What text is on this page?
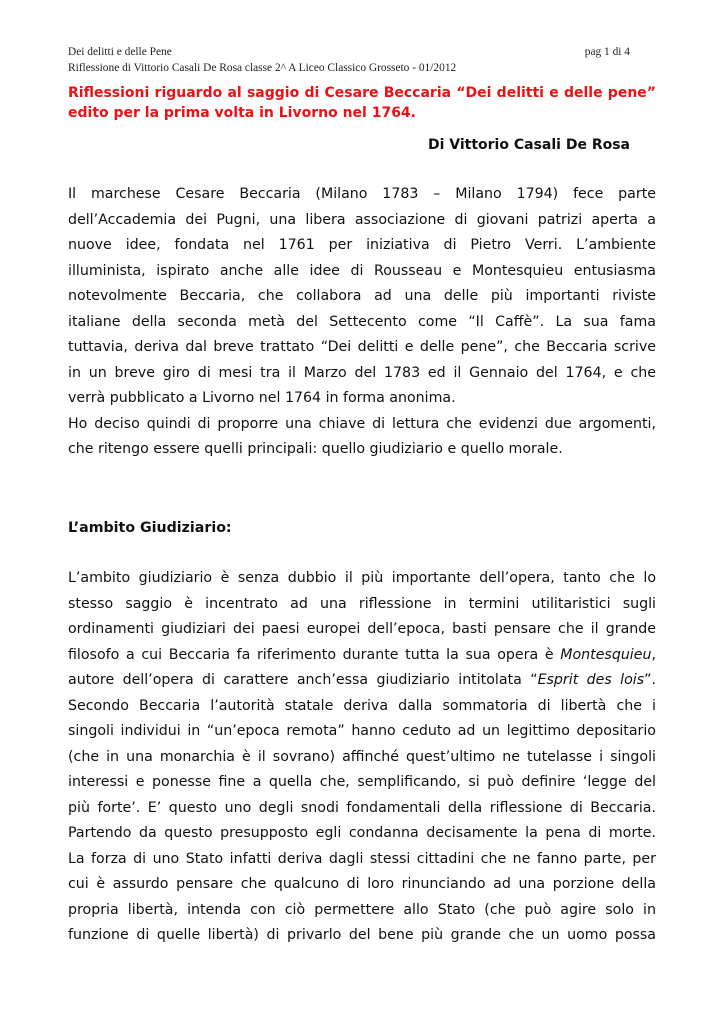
Dei delitti e delle Pene	pag 1 di 4
Riflessione di Vittorio Casali De Rosa classe 2^ A Liceo Classico Grosseto - 01/2012
Riflessioni riguardo al saggio di Cesare Beccaria “Dei delitti e delle pene” edito per la prima volta in Livorno nel 1764.
Di Vittorio Casali De Rosa
Il marchese Cesare Beccaria (Milano 1783 – Milano 1794) fece parte
dell’Accademia dei Pugni, una libera associazione di giovani patrizi aperta a
nuove idee, fondata nel 1761 per iniziativa di Pietro Verri. L’ambiente
illuminista, ispirato anche alle idee di Rousseau e Montesquieu entusiasma
notevolmente Beccaria, che collabora ad una delle più importanti riviste
italiane della seconda metà del Settecento come “Il Caffè”. La sua fama
tuttavia, deriva dal breve trattato “Dei delitti e delle pene”, che Beccaria scrive
in un breve giro di mesi tra il Marzo del 1783 ed il Gennaio del 1764, e che
verrà pubblicato a Livorno nel 1764 in forma anonima.
Ho deciso quindi di proporre una chiave di lettura che evidenzi due argomenti,
che ritengo essere quelli principali: quello giudiziario e quello morale.
L’ambito Giudiziario:
L’ambito giudiziario è senza dubbio il più importante dell’opera, tanto che lo
stesso saggio è incentrato ad una riflessione in termini utilitaristici sugli
ordinamenti giudiziari dei paesi europei dell’epoca, basti pensare che il grande
filosofo a cui Beccaria fa riferimento durante tutta la sua opera è Montesquieu,
autore dell’opera di carattere anch’essa giudiziario intitolata “Esprit des lois”.
Secondo Beccaria l’autorità statale deriva dalla sommatoria di libertà che i
singoli individui in “un’epoca remota” hanno ceduto ad un legittimo depositario
(che in una monarchia è il sovrano) affinché quest’ultimo ne tutelasse i singoli
interessi e ponesse fine a quella che, semplificando, si può definire ‘legge del
più forte’. E’ questo uno degli snodi fondamentali della riflessione di Beccaria.
Partendo da questo presupposto egli condanna decisamente la pena di morte.
La forza di uno Stato infatti deriva dagli stessi cittadini che ne fanno parte, per
cui è assurdo pensare che qualcuno di loro rinunciando ad una porzione della
propria libertà, intenda con ciò permettere allo Stato (che può agire solo in
funzione di quelle libertà) di privarlo del bene più grande che un uomo possa
